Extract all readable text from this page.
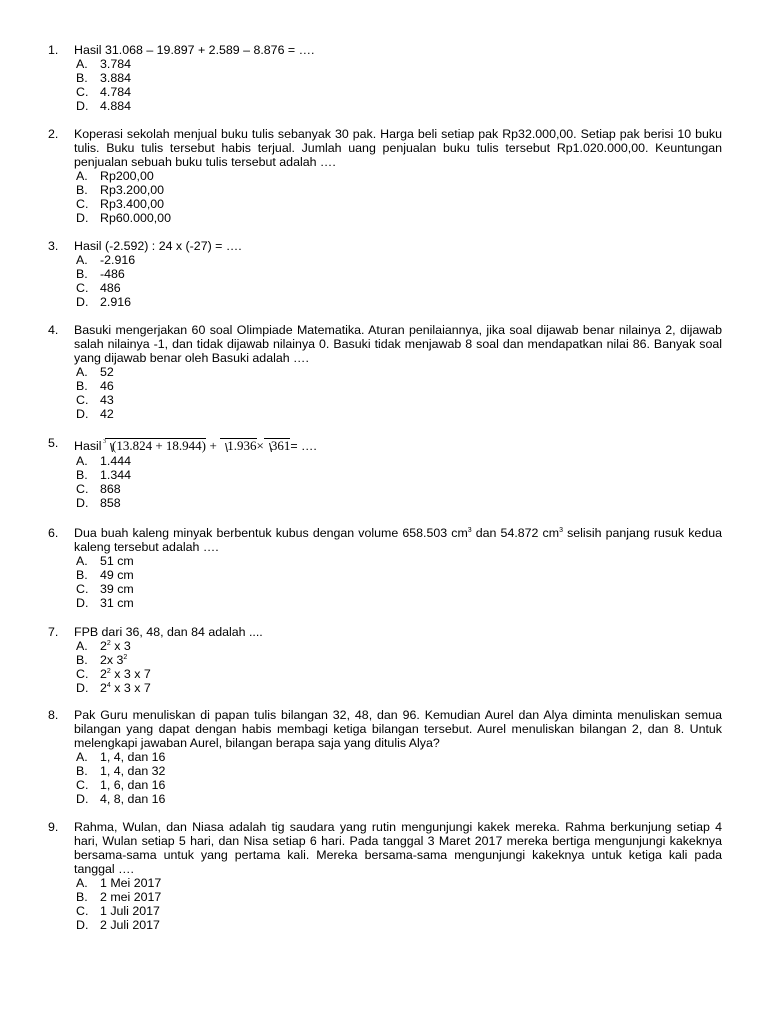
1.	Hasil 31.068 – 19.897 + 2.589 – 8.876 = ….
A. 3.784
B. 3.884
C. 4.784
D. 4.884
2.	Koperasi sekolah menjual buku tulis sebanyak 30 pak. Harga beli setiap pak Rp32.000,00. Setiap pak berisi 10 buku tulis. Buku tulis tersebut habis terjual. Jumlah uang penjualan buku tulis tersebut Rp1.020.000,00. Keuntungan penjualan sebuah buku tulis tersebut adalah ….
A. Rp200,00
B. Rp3.200,00
C. Rp3.400,00
D. Rp60.000,00
3.	Hasil (-2.592) : 24 x (-27) = ….
A. -2.916
B. -486
C. 486
D. 2.916
4.	Basuki mengerjakan 60 soal Olimpiade Matematika. Aturan penilaiannya, jika soal dijawab benar nilainya 2, dijawab salah nilainya -1, dan tidak dijawab nilainya 0. Basuki tidak menjawab 8 soal dan mendapatkan nilai 86. Banyak soal yang dijawab benar oleh Basuki adalah ….
A. 52
B. 46
C. 43
D. 42
5.	Hasil (13.824 + 18.944) 3 + 1.936× 361= ….
A. 1.444
B. 1.344
C. 868
D. 858
6.	Dua buah kaleng minyak berbentuk kubus dengan volume 658.503 $cm^3$ dan 54.872 $cm^3$ selisih panjang rusuk kedua kaleng tersebut adalah ….
A. 51 cm
B. 49 cm
C. 39 cm
D. 31 cm
7.	FPB dari 36, 48, dan 84 adalah ....
A. $2^2$ x 3
B. 2x $3^2$
C. $2^2$ x 3 x 7
D. $2^4$ x 3 x 7
8.	Pak Guru menuliskan di papan tulis bilangan 32, 48, dan 96. Kemudian Aurel dan Alya diminta menuliskan semua bilangan yang dapat dengan habis membagi ketiga bilangan tersebut. Aurel menuliskan bilangan 2, dan 8. Untuk melengkapi jawaban Aurel, bilangan berapa saja yang ditulis Alya?
A. 1, 4, dan 16
B. 1, 4, dan 32
C. 1, 6, dan 16
D. 4, 8, dan 16
9.	Rahma, Wulan, dan Niasa adalah tig saudara yang rutin mengunjungi kakek mereka. Rahma berkunjung setiap 4 hari, Wulan setiap 5 hari, dan Nisa setiap 6 hari. Pada tanggal 3 Maret 2017 mereka bertiga mengunjungi kakeknya bersama-sama untuk yang pertama kali. Mereka bersama-sama mengunjungi kakeknya untuk ketiga kali pada tanggal ….
A. 1 Mei 2017
B. 2 mei 2017
C. 1 Juli 2017
D. 2 Juli 2017
